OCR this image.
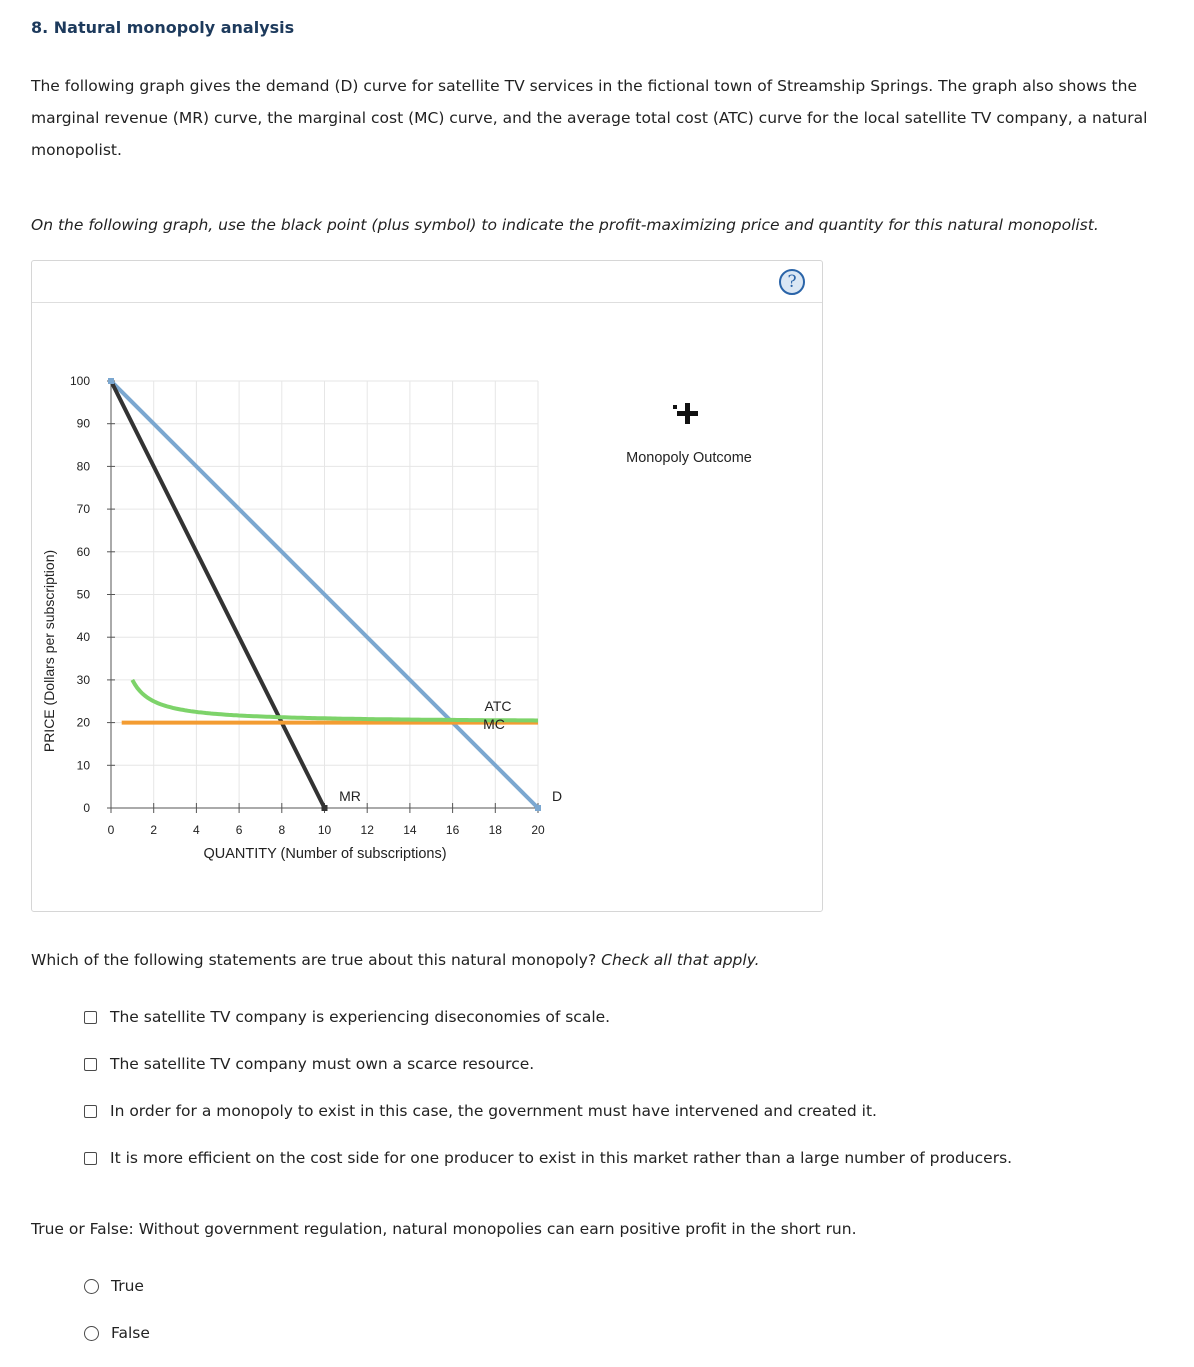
8. Natural monopoly analysis
The following graph gives the demand (D) curve for satellite TV services in the fictional town of Streamship Springs. The graph also shows the marginal revenue (MR) curve, the marginal cost (MC) curve, and the average total cost (ATC) curve for the local satellite TV company, a natural monopolist.
On the following graph, use the black point (plus symbol) to indicate the profit-maximizing price and quantity for this natural monopolist.
?
0
10
20
30
40
50
60
70
80
90
100
0	2	4	6	8	10 12 14 16 18 20
MR	D
ATC
MC
PRICE (Dollars per subscription)
QUANTITY (Number of subscriptions)
Monopoly Outcome
Which of the following statements are true about this natural monopoly? Check all that apply.
The satellite TV company is experiencing diseconomies of scale.
The satellite TV company must own a scarce resource.
In order for a monopoly to exist in this case, the government must have intervened and created it.
It is more efficient on the cost side for one producer to exist in this market rather than a large number of producers.
True or False: Without government regulation, natural monopolies can earn positive profit in the short run.
True
False
